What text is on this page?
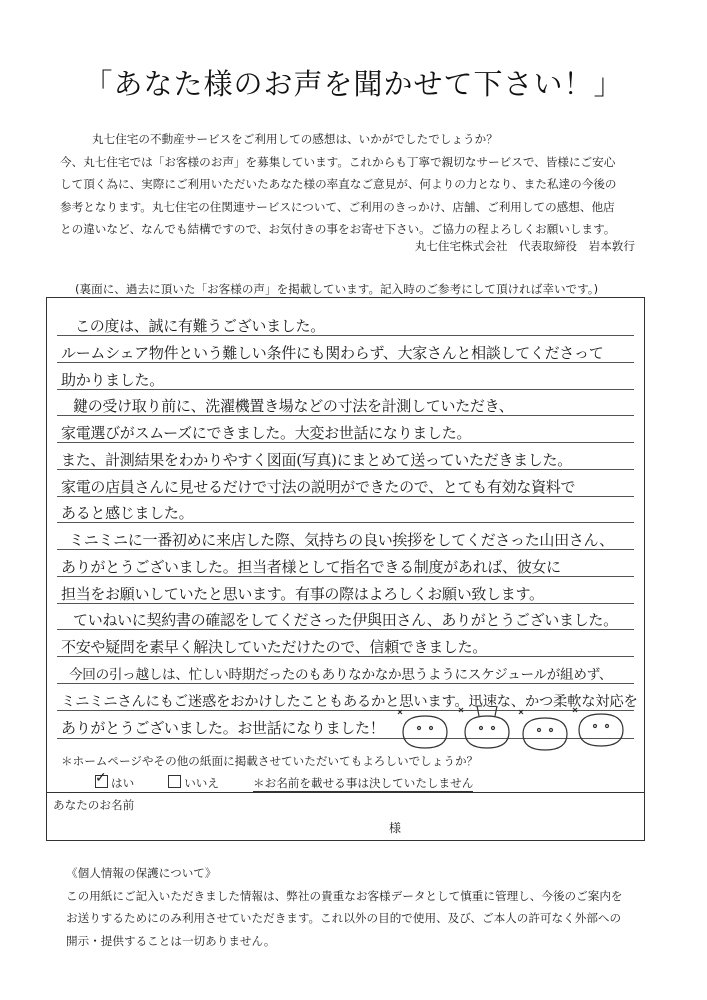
「あなた様のお声を聞かせて下さい！」

丸七住宅の不動産サービスをご利用しての感想は、いかがでしたでしょうか？

今、丸七住宅では「お客様のお声」を募集しています。これからも丁寧で親切なサービスで、皆様にご安心

して頂く為に、実際にご利用いただいたあなた様の率直なご意見が、何よりの力となり、また私達の今後の

参考となります。丸七住宅の住関連サービスについて、ご利用のきっかけ、店舗、ご利用しての感想、他店

との違いなど、なんでも結構ですので、お気付きの事をお寄せ下さい。ご協力の程よろしくお願いします。

丸七住宅株式会社　代表取締役　岩本敦行
(裏面に、過去に頂いた「お客様の声」を掲載しています。記入時のご参考にして頂ければ幸いです。)
この度は、誠に有難うございました。
ルームシェア物件という難しい条件にも関わらず、大家さんと相談してくださって
助かりました。
鍵の受け取り前に、洗濯機置き場などの寸法を計測していただき、
家電選びがスムーズにできました。大変お世話になりました。
また、計測結果をわかりやすく図面(写真)にまとめて送っていただきました。
家電の店員さんに見せるだけで寸法の説明ができたので、とても有効な資料で
あると感じました。
ミニミニに一番初めに来店した際、気持ちの良い挨拶をしてくださった山田さん、
ありがとうございました。担当者様として指名できる制度があれば、彼女に
担当をお願いしていたと思います。有事の際はよろしくお願い致します。
ていねいに契約書の確認をしてくださった伊與田さん、ありがとうございました。
不安や疑問を素早く解決していただけたので、信頼できました。
今回の引っ越しは、忙しい時期だったのもありなかなか思うようにスケジュールが組めず、
ミニミニさんにもご迷惑をおかけしたこともあるかと思います。迅速な、かつ柔軟な対応を
ありがとうございました。お世話になりました！
＊ホームページやその他の紙面に掲載させていただいてもよろしいでしょうか？
✓ はい	いいえ	＊お名前を載せる事は決していたしません
あなたのお名前
様

《個人情報の保護について》

この用紙にご記入いただきました情報は、弊社の貴重なお客様データとして慎重に管理し、今後のご案内を

お送りするためにのみ利用させていただきます。これ以外の目的で使用、及び、ご本人の許可なく外部への

開示・提供することは一切ありません。
